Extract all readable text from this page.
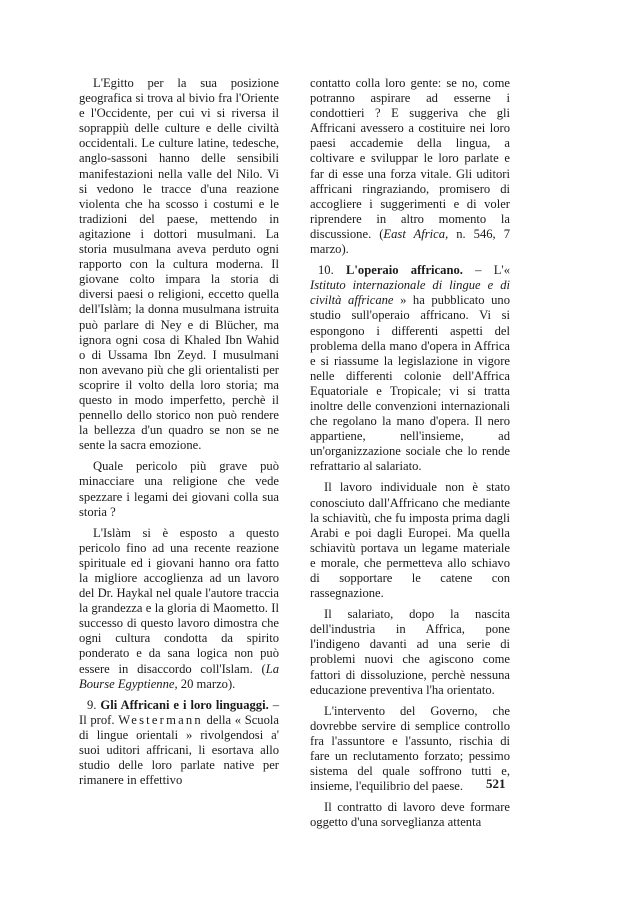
L'Egitto per la sua posizione geografica si trova al bivio fra l'Oriente e l'Occidente, per cui vi si riversa il soprappiù delle culture e delle civiltà occidentali. Le culture latine, tedesche, anglo-sassoni hanno delle sensibili manifestazioni nella valle del Nilo. Vi si vedono le tracce d'una reazione violenta che ha scosso i costumi e le tradizioni del paese, mettendo in agitazione i dottori musulmani. La storia musulmana aveva perduto ogni rapporto con la cultura moderna. Il giovane colto impara la storia di diversi paesi o religioni, eccetto quella dell'Islàm; la donna musulmana istruita può parlare di Ney e di Blücher, ma ignora ogni cosa di Khaled Ibn Wahid o di Ussama Ibn Zeyd. I musulmani non avevano più che gli orientalisti per scoprire il volto della loro storia; ma questo in modo imperfetto, perchè il pennello dello storico non può rendere la bellezza d'un quadro se non se ne sente la sacra emozione.

Quale pericolo più grave può minacciare una religione che vede spezzare i legami dei giovani colla sua storia ?

L'Islàm si è esposto a questo pericolo fino ad una recente reazione spirituale ed i giovani hanno ora fatto la migliore accoglienza ad un lavoro del Dr. Haykal nel quale l'autore traccia la grandezza e la gloria di Maometto. Il successo di questo lavoro dimostra che ogni cultura condotta da spirito ponderato e da sana logica non può essere in disaccordo coll'Islam. (La Bourse Egyptienne, 20 marzo).

9. Gli Affricani e i loro linguaggi. – Il prof. Westermann della « Scuola di lingue orientali » rivolgendosi a' suoi uditori affricani, li esortava allo studio delle loro parlate native per rimanere in effettivo

contatto colla loro gente: se no, come potranno aspirare ad esserne i condottieri ? E suggeriva che gli Affricani avessero a costituire nei loro paesi accademie della lingua, a coltivare e sviluppar le loro parlate e far di esse una forza vitale. Gli uditori affricani ringraziando, promisero di accogliere i suggerimenti e di voler riprendere in altro momento la discussione. (East Africa, n. 546, 7 marzo).

10. L'operaio affricano. – L'« Istituto internazionale di lingue e di civiltà affricane » ha pubblicato uno studio sull'operaio affricano. Vi si espongono i differenti aspetti del problema della mano d'opera in Affrica e si riassume la legislazione in vigore nelle differenti colonie dell'Affrica Equatoriale e Tropicale; vi si tratta inoltre delle convenzioni internazionali che regolano la mano d'opera. Il nero appartiene, nell'insieme, ad un'organizzazione sociale che lo rende refrattario al salariato.

Il lavoro individuale non è stato conosciuto dall'Affricano che mediante la schiavitù, che fu imposta prima dagli Arabi e poi dagli Europei. Ma quella schiavitù portava un legame materiale e morale, che permetteva allo schiavo di sopportare le catene con rassegnazione.

Il salariato, dopo la nascita dell'industria in Affrica, pone l'indigeno davanti ad una serie di problemi nuovi che agiscono come fattori di dissoluzione, perchè nessuna educazione preventiva l'ha orientato.

L'intervento del Governo, che dovrebbe servire di semplice controllo fra l'assuntore e l'assunto, rischia di fare un reclutamento forzato; pessimo sistema del quale soffrono tutti e, insieme, l'equilibrio del paese.

Il contratto di lavoro deve formare oggetto d'una sorveglianza attenta

521
